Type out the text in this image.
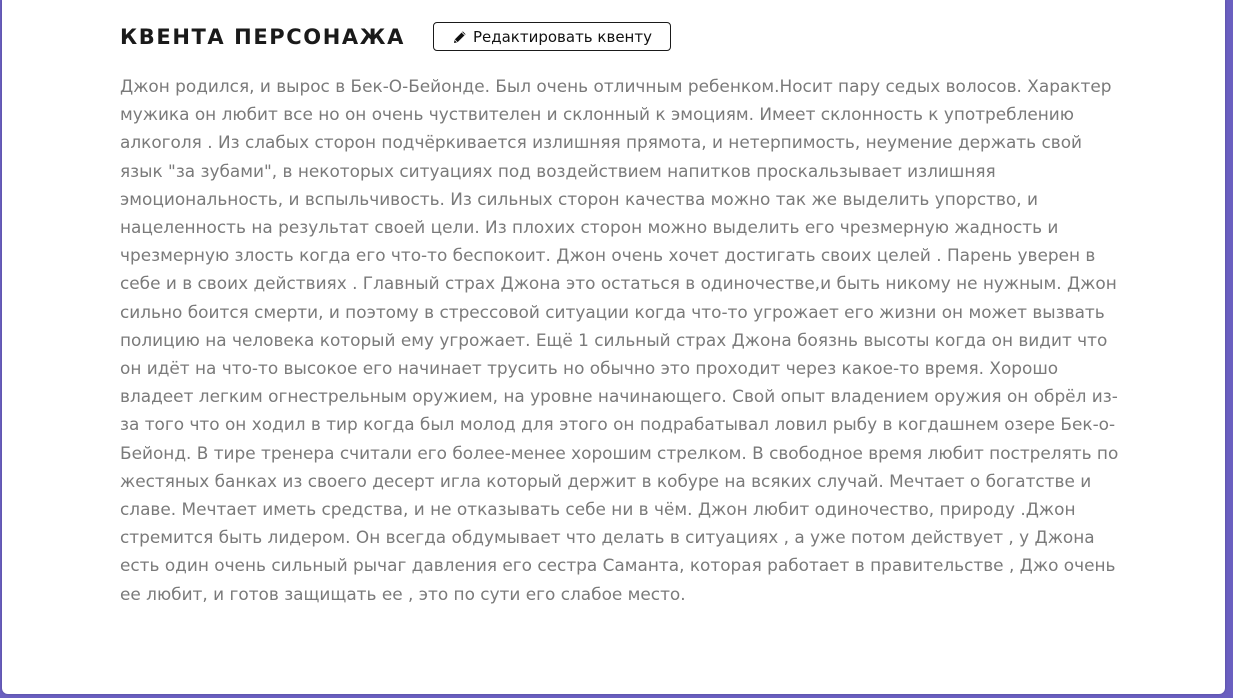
КВЕНТА ПЕРСОНАЖА	Редактировать квенту

Джон родился, и вырос в Бек-О-Бейонде. Был очень отличным ребенком.Носит пару седых волосов. Характер мужика он любит все но он очень чуствителен и склонный к эмоциям. Имеет склонность к употреблению алкоголя . Из слабых сторон подчёркивается излишняя прямота, и нетерпимость, неумение держать свой язык "за зубами", в некоторых ситуациях под воздействием напитков проскальзывает излишняя эмоциональность, и вспыльчивость. Из сильных сторон качества можно так же выделить упорство, и нацеленность на результат своей цели. Из плохих сторон можно выделить его чрезмерную жадность и чрезмерную злость когда его что-то беспокоит. Джон очень хочет достигать своих целей . Парень уверен в себе и в своих действиях . Главный страх Джона это остаться в одиночестве,и быть никому не нужным. Джон сильно боится смерти, и поэтому в стрессовой ситуации когда что-то угрожает его жизни он может вызвать полицию на человека который ему угрожает. Ещё 1 сильный страх Джона боязнь высоты когда он видит что он идёт на что-то высокое его начинает трусить но обычно это проходит через какое-то время. Хорошо владеет легким огнестрельным оружием, на уровне начинающего. Свой опыт владением оружия он обрёл из-за того что он ходил в тир когда был молод для этого он подрабатывал ловил рыбу в когдашнем озере Бек-о-Бейонд. В тире тренера считали его более-менее хорошим стрелком. В свободное время любит пострелять по жестяных банках из своего десерт игла который держит в кобуре на всяких случай. Мечтает о богатстве и славе. Мечтает иметь средства, и не отказывать себе ни в чём. Джон любит одиночество, природу .Джон стремится быть лидером. Он всегда обдумывает что делать в ситуациях , а уже потом действует , у Джона есть один очень сильный рычаг давления его сестра Саманта, которая работает в правительстве , Джо очень ее любит, и готов защищать ее , это по сути его слабое место.
